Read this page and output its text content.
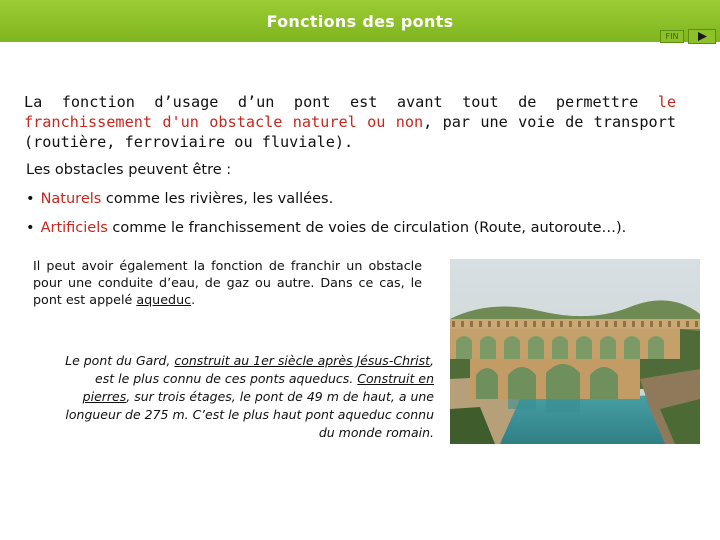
Fonctions des ponts
FIN
La fonction d’usage d’un pont est avant tout de permettre le franchissement d'un obstacle naturel ou non, par une voie de transport (routière, ferroviaire ou fluviale).
Les obstacles peuvent être :
• Naturels comme les rivières, les vallées.
• Artificiels comme le franchissement de voies de circulation (Route, autoroute…).
Il peut avoir également la fonction de franchir un obstacle pour une conduite d’eau, de gaz ou autre. Dans ce cas, le pont est appelé aqueduc.
Le pont du Gard, construit au 1er siècle après Jésus-Christ, est le plus connu de ces ponts aqueducs. Construit en pierres, sur trois étages, le pont de 49 m de haut, a une longueur de 275 m. C’est le plus haut pont aqueduc connu du monde romain.
